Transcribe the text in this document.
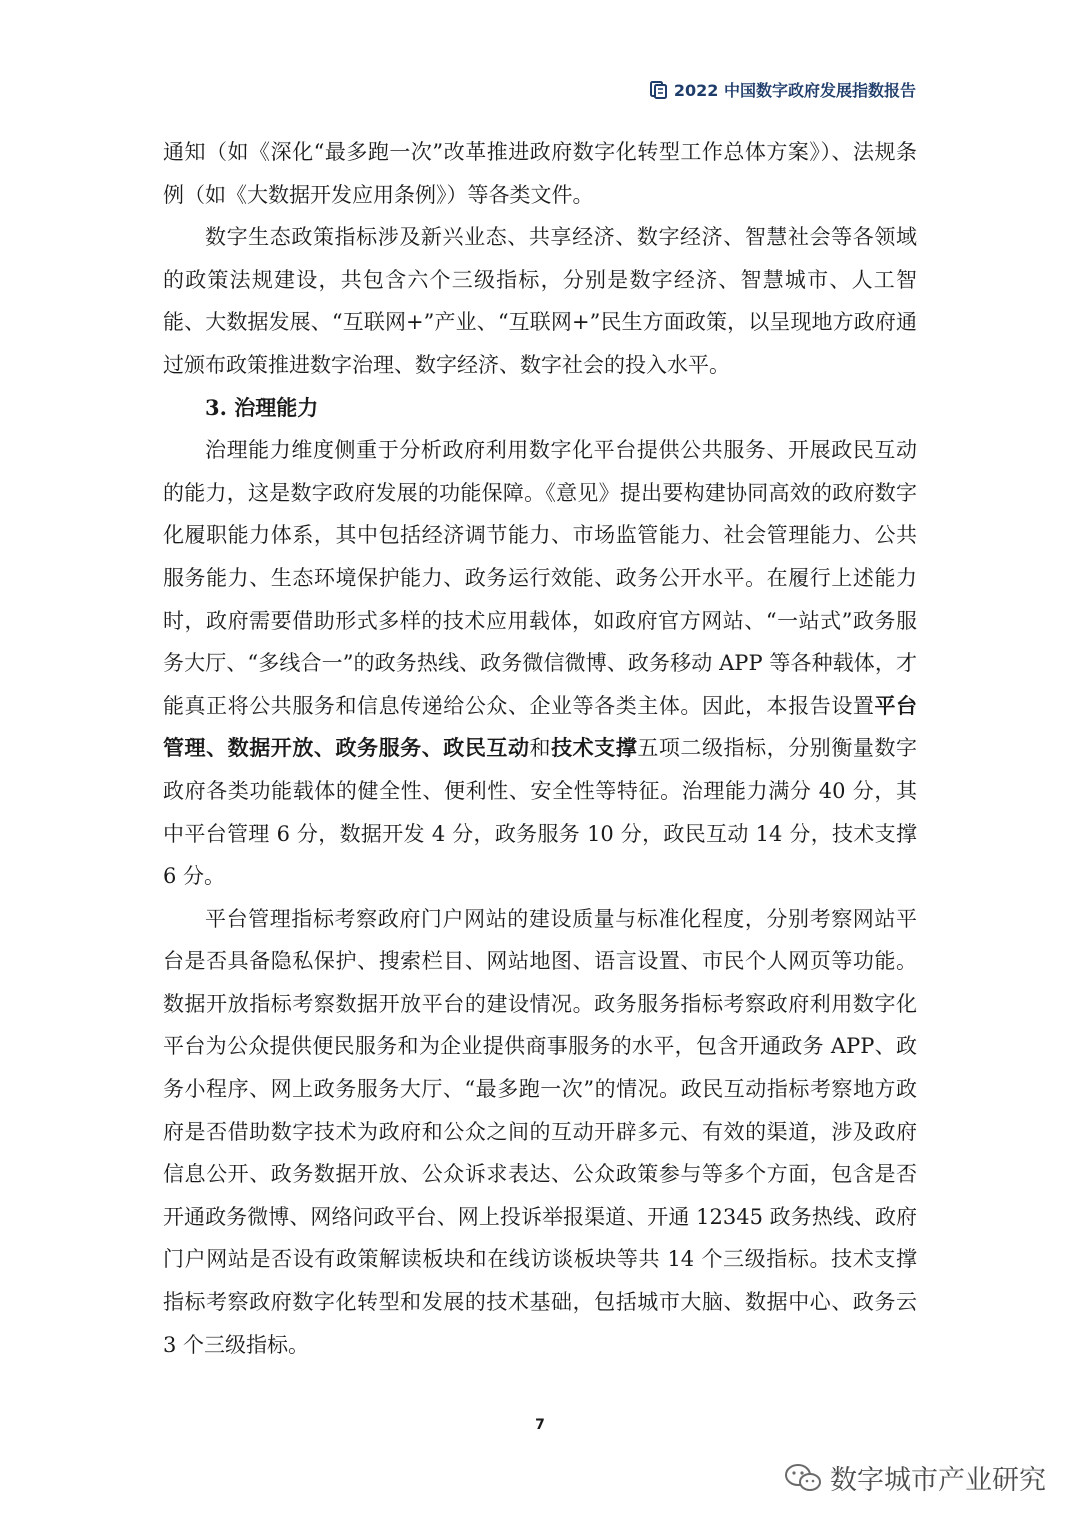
2022 中国数字政府发展指数报告

通知（如《深化“最多跑一次”改革推进政府数字化转型工作总体方案》）、法规条例（如《大数据开发应用条例》）等各类文件。

数字生态政策指标涉及新兴业态、共享经济、数字经济、智慧社会等各领域的政策法规建设，共包含六个三级指标，分别是数字经济、智慧城市、人工智能、大数据发展、“互联网+”产业、“互联网+”民生方面政策，以呈现地方政府通过颁布政策推进数字治理、数字经济、数字社会的投入水平。

3. 治理能力

治理能力维度侧重于分析政府利用数字化平台提供公共服务、开展政民互动的能力，这是数字政府发展的功能保障。《意见》提出要构建协同高效的政府数字化履职能力体系，其中包括经济调节能力、市场监管能力、社会管理能力、公共服务能力、生态环境保护能力、政务运行效能、政务公开水平。在履行上述能力时，政府需要借助形式多样的技术应用载体，如政府官方网站、“一站式”政务服务大厅、“多线合一”的政务热线、政务微信微博、政务移动 APP 等各种载体，才能真正将公共服务和信息传递给公众、企业等各类主体。因此，本报告设置平台管理、数据开放、政务服务、政民互动和技术支撑五项二级指标，分别衡量数字政府各类功能载体的健全性、便利性、安全性等特征。治理能力满分 40 分，其中平台管理 6 分，数据开发 4 分，政务服务 10 分，政民互动 14 分，技术支撑 6 分。

平台管理指标考察政府门户网站的建设质量与标准化程度，分别考察网站平台是否具备隐私保护、搜索栏目、网站地图、语言设置、市民个人网页等功能。数据开放指标考察数据开放平台的建设情况。政务服务指标考察政府利用数字化平台为公众提供便民服务和为企业提供商事服务的水平，包含开通政务 APP、政务小程序、网上政务服务大厅、“最多跑一次”的情况。政民互动指标考察地方政府是否借助数字技术为政府和公众之间的互动开辟多元、有效的渠道，涉及政府信息公开、政务数据开放、公众诉求表达、公众政策参与等多个方面，包含是否开通政务微博、网络问政平台、网上投诉举报渠道、开通 12345 政务热线、政府门户网站是否设有政策解读板块和在线访谈板块等共 14 个三级指标。技术支撑指标考察政府数字化转型和发展的技术基础，包括城市大脑、数据中心、政务云 3 个三级指标。

7
数字城市产业研究
